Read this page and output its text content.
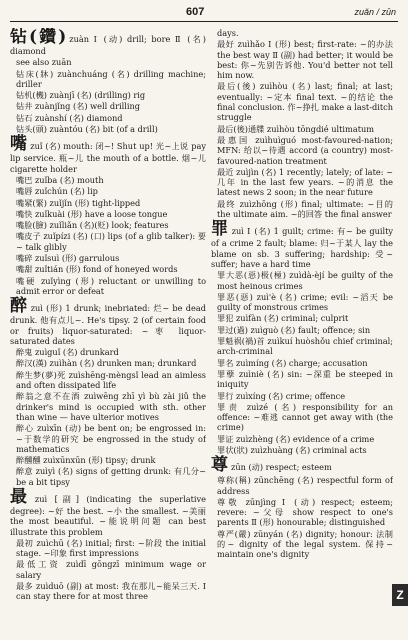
607	zuǎn / zūn

钻(鑽) zuàn Ⅰ (动) drill; bore Ⅱ (名) diamond

see also zuān

钻床(牀) zuànchuáng (名) drilling machine; driller

钻机(機) zuànjī (名) (drilling) rig

钻井 zuànjǐng (名) well drilling

钻石 zuànshí (名) diamond

钻头(頭) zuàntóu (名) bit (of a drill)

嘴zuǐ (名) mouth: 闭~! Shut up! 光~上说 pay lip service. 瓶~儿 the mouth of a bottle. 烟~儿 cigarette holder

嘴巴 zuǐba (名) mouth

嘴唇 zuǐchún (名) lip

嘴紧(緊) zuǐjǐn (形) tight-lipped

嘴快 zuǐkuài (形) have a loose tongue

嘴脸(臉) zuǐliǎn (名)(贬) look; features

嘴皮子 zuǐpízi (名) (口) lips (of a glib talker): 要~ talk glibly

嘴碎 zuǐsuì (形) garrulous

嘴甜 zuǐtián (形) fond of honeyed words

嘴硬 zuǐyìng (形) reluctant or unwilling to admit error or defeat

醉zuì (形) 1 drunk; inebriated: 烂~ be dead drunk. 他有点儿~. He's tipsy. 2 (of certain food or fruits) liquor-saturated: ~枣 liquor-saturated dates

醉鬼 zuìguǐ (名) drunkard

醉汉(漢) zuìhàn (名) drunken man; drunkard

醉生梦(夢)死 zuìshēng-mèngsǐ lead an aimless and often dissipated life

醉翁之意不在酒 zuìwēng zhī yì bù zài jiǔ the drinker's mind is occupied with sth. other than wine — have ulterior motives

醉心 zuìxīn (动) be bent on; be engrossed in: ~于数学的研究 be engrossed in the study of mathematics

醉醺醺 zuìxūnxūn (形) tipsy; drunk

醉意 zuìyì (名) signs of getting drunk: 有几分~ be a bit tipsy

最zuì [副] (indicating the superlative degree): ~好 the best. ~小 the smallest. ~美丽 the most beautiful. ~能说明问题 can best illustrate this problem

最初 zuìchū (名) initial; first: ~阶段 the initial stage. ~印象 first impressions

最低工资 zuìdī gōngzī minimum wage or salary

最多 zuìduō (副) at most: 我在那儿~能呆三天. I can stay there for at most three

days.

最好 zuìhǎo Ⅰ (形) best; first-rate: ~的办法 the best way Ⅱ (副) had better; it would be best: 你~先别告诉他. You'd better not tell him now.

最后(後) zuìhòu (名) last; final; at last; eventually: ~定本 final text. ~的结论 the final conclusion. 作~挣扎 make a last-ditch struggle

最后(後)通牒 zuìhòu tōngdié ultimatum

最惠国 zuìhuìguó most-favoured-nation; MFN: 给以~待遇 accord (a country) most-favoured-nation treatment

最近 zuìjìn (名) 1 recently; lately; of late: ~几年 in the last few years. ~的消息 the latest news 2 soon; in the near future

最终 zuìzhōng (形) final; ultimate: ~目的 the ultimate aim. ~的回答 the final answer

罪zuì Ⅰ (名) 1 guilt; crime: 有~ be guilty of a crime 2 fault; blame: 归~于某人 lay the blame on sb. 3 suffering; hardship: 受~ suffer; have a hard time

罪大恶(惡)极(極) zuìdà-èjí be guilty of the most heinous crimes

罪恶(惡) zuì'è (名) crime; evil: ~滔天 be guilty of monstrous crimes

罪犯 zuìfàn (名) criminal; culprit

罪过(過) zuìguò (名) fault; offence; sin

罪魁祸(禍)首 zuìkuí huòshǒu chief criminal; arch-criminal

罪名 zuìmíng (名) charge; accusation

罪孽 zuìniè (名) sin: ~深重 be steeped in iniquity

罪行 zuìxíng (名) crime; offence

罪责 zuìzé (名) responsibility for an offence: ~难逃 cannot get away with (the crime)

罪证 zuìzhèng (名) evidence of a crime

罪状(狀) zuìzhuàng (名) criminal acts

尊zūn (动) respect; esteem

尊称(稱) zūnchēng (名) respectful form of address

尊敬 zūnjìng Ⅰ (动) respect; esteem; revere: ~父母 show respect to one's parents Ⅱ (形) honourable; distinguished

尊严(嚴) zūnyán (名) dignity; honour: 法制的~ dignity of the legal system. 保持~ maintain one's dignity

Z
